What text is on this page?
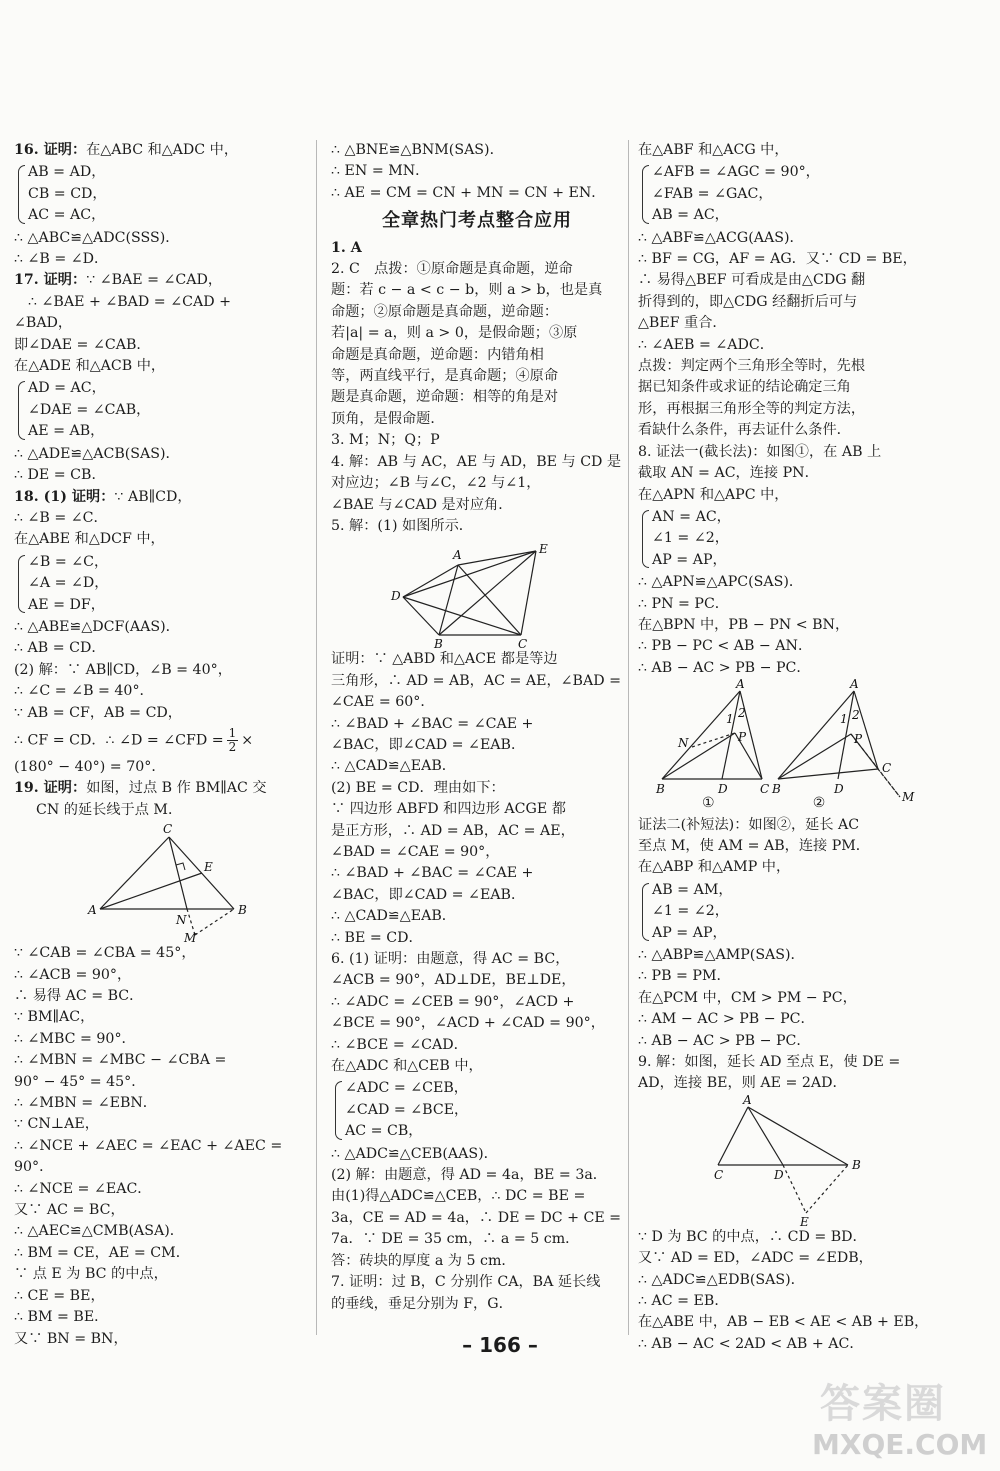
16. 证明：在△ABC 和△ADC 中，
AB = AD，
CB = CD，
AC = AC，
∴ △ABC≌△ADC(SSS)．
∴ ∠B = ∠D．
17. 证明：∵ ∠BAE = ∠CAD，
∴ ∠BAE + ∠BAD = ∠CAD +
∠BAD，
即∠DAE = ∠CAB．
在△ADE 和△ACB 中，
AD = AC，
∠DAE = ∠CAB，
AE = AB，
∴ △ADE≌△ACB(SAS)．
∴ DE = CB．
18. (1) 证明：∵ AB∥CD，
∴ ∠B = ∠C．
在△ABE 和△DCF 中，
∠B = ∠C，
∠A = ∠D，
AE = DF，
∴ △ABE≌△DCF(AAS)．
∴ AB = CD．
(2) 解：∵ AB∥CD，∠B = 40°，
∴ ∠C = ∠B = 40°．
∵ AB = CF，AB = CD，
∴ CF = CD．∴ ∠D = ∠CFD = $\frac{1}{2}$ ×
(180° − 40°) = 70°．
19. 证明：如图，过点 B 作 BM∥AC 交
CN 的延长线于点 M．
C
E
A	B
N
M
∵ ∠CAB = ∠CBA = 45°，
∴ ∠ACB = 90°，
∴ 易得 AC = BC．
∵ BM∥AC，
∴ ∠MBC = 90°．
∴ ∠MBN = ∠MBC − ∠CBA =
90° − 45° = 45°．
∴ ∠MBN = ∠EBN．
∵ CN⊥AE，
∴ ∠NCE + ∠AEC = ∠EAC + ∠AEC =
90°．
∴ ∠NCE = ∠EAC．
又∵ AC = BC，
∴ △AEC≌△CMB(ASA)．
∴ BM = CE，AE = CM．
∵ 点 E 为 BC 的中点，
∴ CE = BE，
∴ BM = BE．
又∵ BN = BN，
∴ △BNE≌△BNM(SAS)．
∴ EN = MN．
∴ AE = CM = CN + MN = CN + EN．
全章热门考点整合应用
1. A
2. C　点拨：①原命题是真命题，逆命
题：若 c − a < c − b，则 a > b，也是真
命题；②原命题是真命题，逆命题：
若|a| = a，则 a > 0，是假命题；③原
命题是真命题，逆命题：内错角相
等，两直线平行，是真命题；④原命
题是真命题，逆命题：相等的角是对
顶角，是假命题．
3. M；N；Q；P
4. 解：AB 与 AC，AE 与 AD，BE 与 CD 是
对应边；∠B 与∠C，∠2 与∠1，
∠BAE 与∠CAD 是对应角．
5. 解：(1) 如图所示．
E
A
D
B	C
证明：∵ △ABD 和△ACE 都是等边
三角形，∴ AD = AB，AC = AE，∠BAD =
∠CAE = 60°．
∴ ∠BAD + ∠BAC = ∠CAE +
∠BAC，即∠CAD = ∠EAB．
∴ △CAD≌△EAB．
(2) BE = CD．理由如下：
∵ 四边形 ABFD 和四边形 ACGE 都
是正方形，∴ AD = AB，AC = AE，
∠BAD = ∠CAE = 90°，
∴ ∠BAD + ∠BAC = ∠CAE +
∠BAC，即∠CAD = ∠EAB．
∴ △CAD≌△EAB．
∴ BE = CD．
6. (1) 证明：由题意，得 AC = BC，
∠ACB = 90°，AD⊥DE，BE⊥DE，
∴ ∠ADC = ∠CEB = 90°，∠ACD +
∠BCE = 90°，∠ACD + ∠CAD = 90°，
∴ ∠BCE = ∠CAD．
在△ADC 和△CEB 中，
∠ADC = ∠CEB，
∠CAD = ∠BCE，
AC = CB，
∴ △ADC≌△CEB(AAS)．
(2) 解：由题意，得 AD = 4a，BE = 3a．
由(1)得△ADC≌△CEB，∴ DC = BE =
3a，CE = AD = 4a，∴ DE = DC + CE =
7a．∵ DE = 35 cm，∴ a = 5 cm．
答：砖块的厚度 a 为 5 cm．
7. 证明：过 B，C 分别作 CA，BA 延长线
的垂线，垂足分别为 F，G．
在△ABF 和△ACG 中，
∠AFB = ∠AGC = 90°，
∠FAB = ∠GAC，
AB = AC，
∴ △ABF≌△ACG(AAS)．
∴ BF = CG，AF = AG．又∵ CD = BE，
∴ 易得△BEF 可看成是由△CDG 翻
折得到的，即△CDG 经翻折后可与
△BEF 重合．
∴ ∠AEB = ∠ADC．
点拨：判定两个三角形全等时，先根
据已知条件或求证的结论确定三角
形，再根据三角形全等的判定方法，
看缺什么条件，再去证什么条件．
8. 证法一(截长法)：如图①，在 AB 上
截取 AN = AC，连接 PN．
在△APN 和△APC 中，
AN = AC，
∠1 = ∠2，
AP = AP，
∴ △APN≌△APC(SAS)．
∴ PN = PC．
在△BPN 中，PB − PN < BN，
∴ PB − PC < AB − AN．
∴ AB − AC > PB − PC．
A
N
1 2
P
B	D	C
A
1 2
P
B	D
C
M
①	②
证法二(补短法)：如图②，延长 AC
至点 M，使 AM = AB，连接 PM．
在△ABP 和△AMP 中，
AB = AM，
∠1 = ∠2，
AP = AP，
∴ △ABP≌△AMP(SAS)．
∴ PB = PM．
在△PCM 中，CM > PM − PC，
∴ AM − AC > PB − PC．
∴ AB − AC > PB − PC．
9. 解：如图，延长 AD 至点 E，使 DE =
AD，连接 BE，则 AE = 2AD．
A
B
C	D
E
∵ D 为 BC 的中点，∴ CD = BD．
又∵ AD = ED，∠ADC = ∠EDB，
∴ △ADC≌△EDB(SAS)．
∴ AC = EB．
在△ABE 中，AB − EB < AE < AB + EB，
∴ AB − AC < 2AD < AB + AC．
– 166 –
答案圈
MXQE.COM
